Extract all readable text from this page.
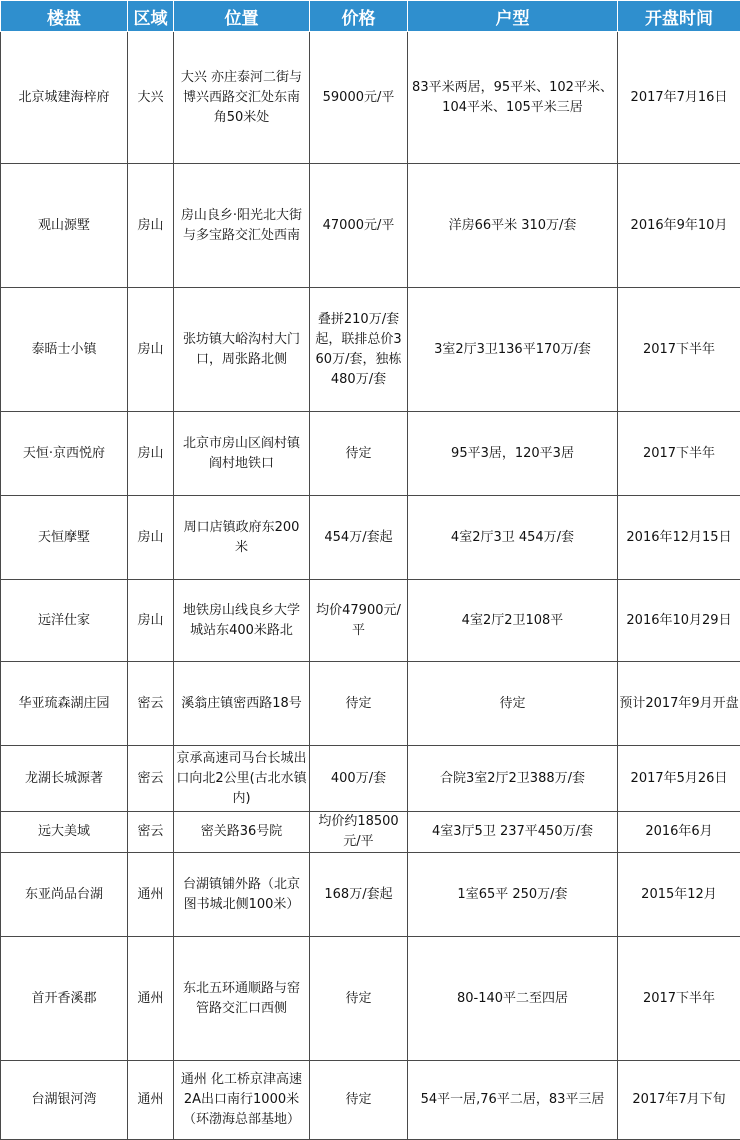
楼盘	区域	位置	价格	户型	开盘时间
北京城建海梓府	大兴	大兴 亦庄泰河二街与博兴西路交汇处东南角50米处	59000元/平	83平米两居，95平米、102平米、104平米、105平米三居	2017年7月16日
观山源墅	房山	房山良乡·阳光北大街与多宝路交汇处西南	47000元/平	洋房66平米 310万/套	2016年9年10月
泰晤士小镇	房山	张坊镇大峪沟村大门口，周张路北侧	叠拼210万/套起，联排总价360万/套，独栋480万/套	3室2厅3卫136平170万/套	2017下半年
天恒·京西悦府	房山	北京市房山区阎村镇阎村地铁口	待定	95平3居，120平3居	2017下半年
天恒摩墅	房山	周口店镇政府东200米	454万/套起	4室2厅3卫 454万/套	2016年12月15日
远洋仕家	房山	地铁房山线良乡大学城站东400米路北	均价47900元/平	4室2厅2卫108平	2016年10月29日
华亚琉森湖庄园	密云	溪翁庄镇密西路18号	待定	待定	预计2017年9月开盘
龙湖长城源著	密云	京承高速司马台长城出口向北2公里(古北水镇内)	400万/套	合院3室2厅2卫388万/套	2017年5月26日
远大美域	密云	密关路36号院	均价约18500元/平	4室3厅5卫 237平450万/套	2016年6月
东亚尚品台湖	通州	台湖镇铺外路（北京图书城北侧100米）	168万/套起	1室65平 250万/套	2015年12月
首开香溪郡	通州	东北五环通顺路与窑管路交汇口西侧	待定	80-140平二至四居	2017下半年
台湖银河湾	通州	通州 化工桥京津高速2A出口南行1000米（环渤海总部基地）	待定	54平一居,76平二居，83平三居	2017年7月下旬
